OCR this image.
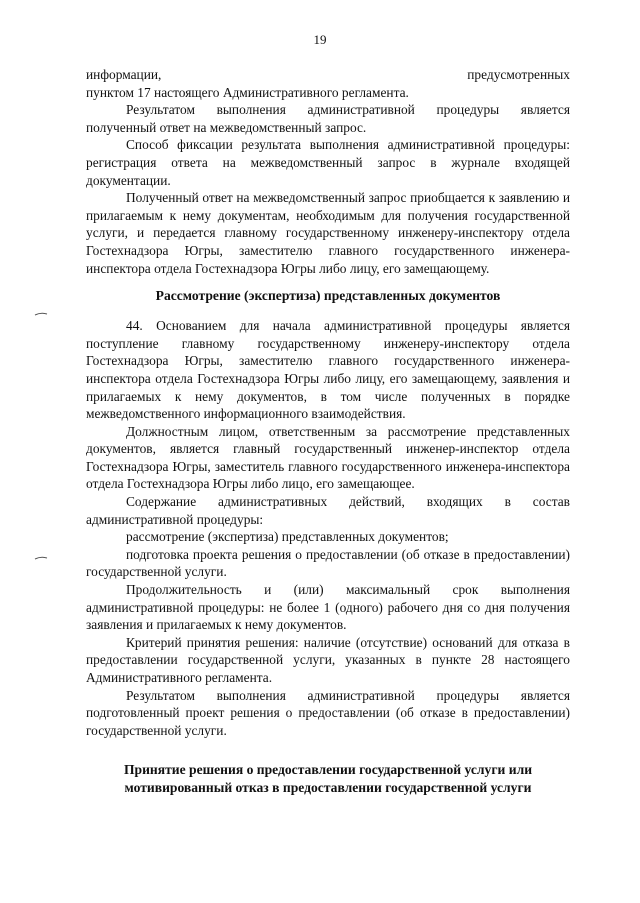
19

информации, предусмотренных

пунктом 17 настоящего Административного регламента.

Результатом выполнения административной процедуры является полученный ответ на межведомственный запрос.

Способ фиксации результата выполнения административной процедуры: регистрация ответа на межведомственный запрос в журнале входящей документации.

Полученный ответ на межведомственный запрос приобщается к заявлению и прилагаемым к нему документам, необходимым для получения государственной услуги, и передается главному государственному инженеру-инспектору отдела Гостехнадзора Югры, заместителю главного государственного инженера-инспектора отдела Гостехнадзора Югры либо лицу, его замещающему.

Рассмотрение (экспертиза) представленных документов

44. Основанием для начала административной процедуры является поступление главному государственному инженеру-инспектору отдела Гостехнадзора Югры, заместителю главного государственного инженера-инспектора отдела Гостехнадзора Югры либо лицу, его замещающему, заявления и прилагаемых к нему документов, в том числе полученных в порядке межведомственного информационного взаимодействия.

Должностным лицом, ответственным за рассмотрение представленных документов, является главный государственный инженер-инспектор отдела Гостехнадзора Югры, заместитель главного государственного инженера-инспектора отдела Гостехнадзора Югры либо лицо, его замещающее.

Содержание административных действий, входящих в состав административной процедуры:

рассмотрение (экспертиза) представленных документов;

подготовка проекта решения о предоставлении (об отказе в предоставлении) государственной услуги.

Продолжительность и (или) максимальный срок выполнения административной процедуры: не более 1 (одного) рабочего дня со дня получения заявления и прилагаемых к нему документов.

Критерий принятия решения: наличие (отсутствие) оснований для отказа в предоставлении государственной услуги, указанных в пункте 28 настоящего Административного регламента.

Результатом выполнения административной процедуры является подготовленный проект решения о предоставлении (об отказе в предоставлении) государственной услуги.

Принятие решения о предоставлении государственной услуги или
мотивированный отказ в предоставлении государственной услуги
